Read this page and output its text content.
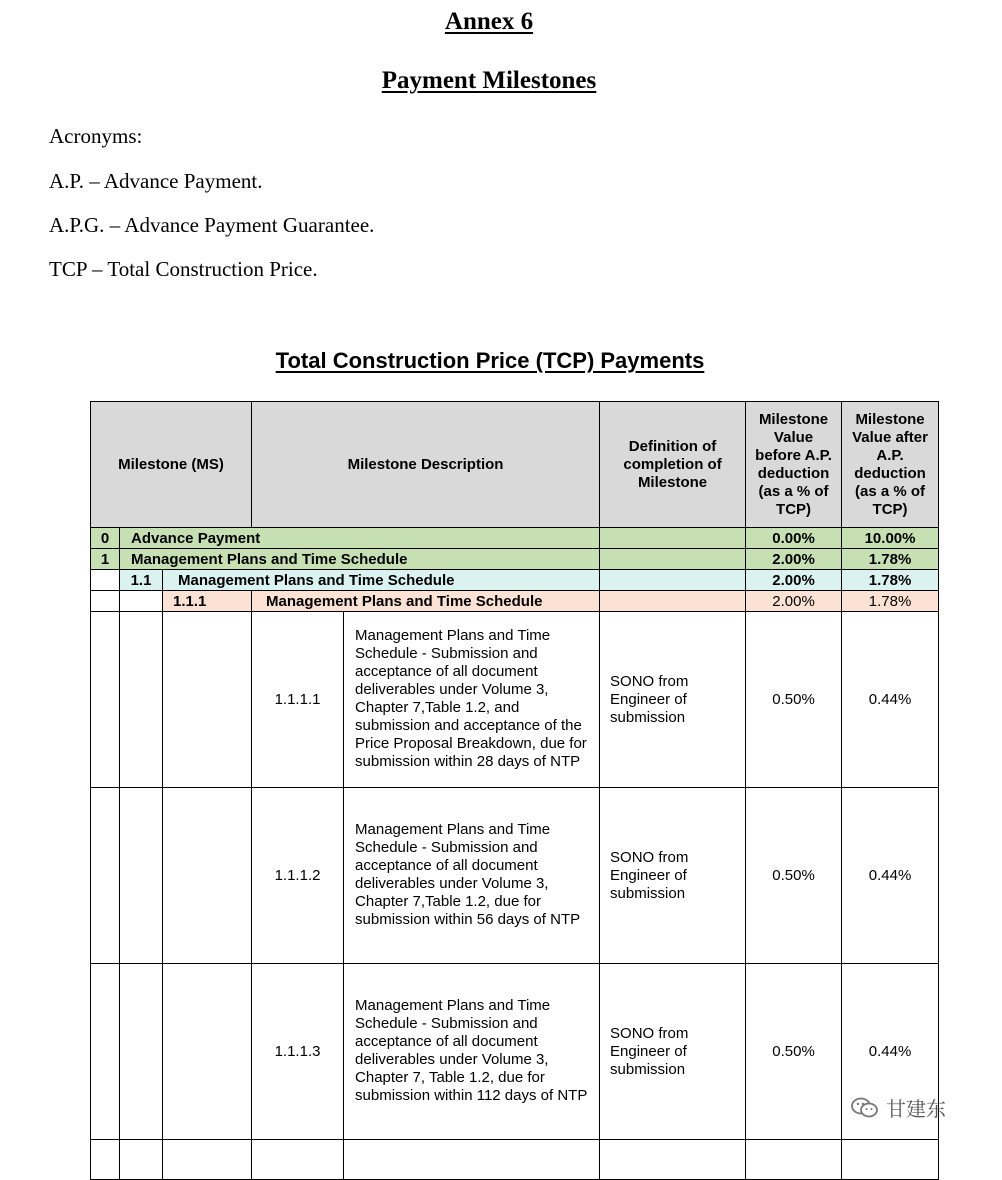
Annex 6
Payment Milestones
Acronyms:
A.P. – Advance Payment.
A.P.G. – Advance Payment Guarantee.
TCP – Total Construction Price.
Total Construction Price (TCP) Payments
Milestone (MS)			Milestone Description		Definition of completion of Milestone	Milestone Value before A.P. deduction (as a % of TCP)	Milestone Value after A.P. deduction (as a % of TCP)
0	Advance Payment					0.00%	10.00%
1	Management Plans and Time Schedule					2.00%	1.78%
	1.1	Management Plans and Time Schedule				2.00%	1.78%
		1.1.1	Management Plans and Time Schedule			2.00%	1.78%
			1.1.1.1	Management Plans and Time Schedule - Submission and acceptance of all document deliverables under Volume 3, Chapter 7,Table 1.2, and submission and acceptance of the Price Proposal Breakdown, due for submission within 28 days of NTP	SONO from Engineer of submission	0.50%	0.44%
			1.1.1.2	Management Plans and Time Schedule - Submission and acceptance of all document deliverables under Volume 3, Chapter 7,Table 1.2, due for submission within 56 days of NTP	SONO from Engineer of submission	0.50%	0.44%
			1.1.1.3	Management Plans and Time Schedule - Submission and acceptance of all document deliverables under Volume 3, Chapter 7, Table 1.2, due for submission within 112 days of NTP	SONO from Engineer of submission	0.50%	0.44%

甘建东
